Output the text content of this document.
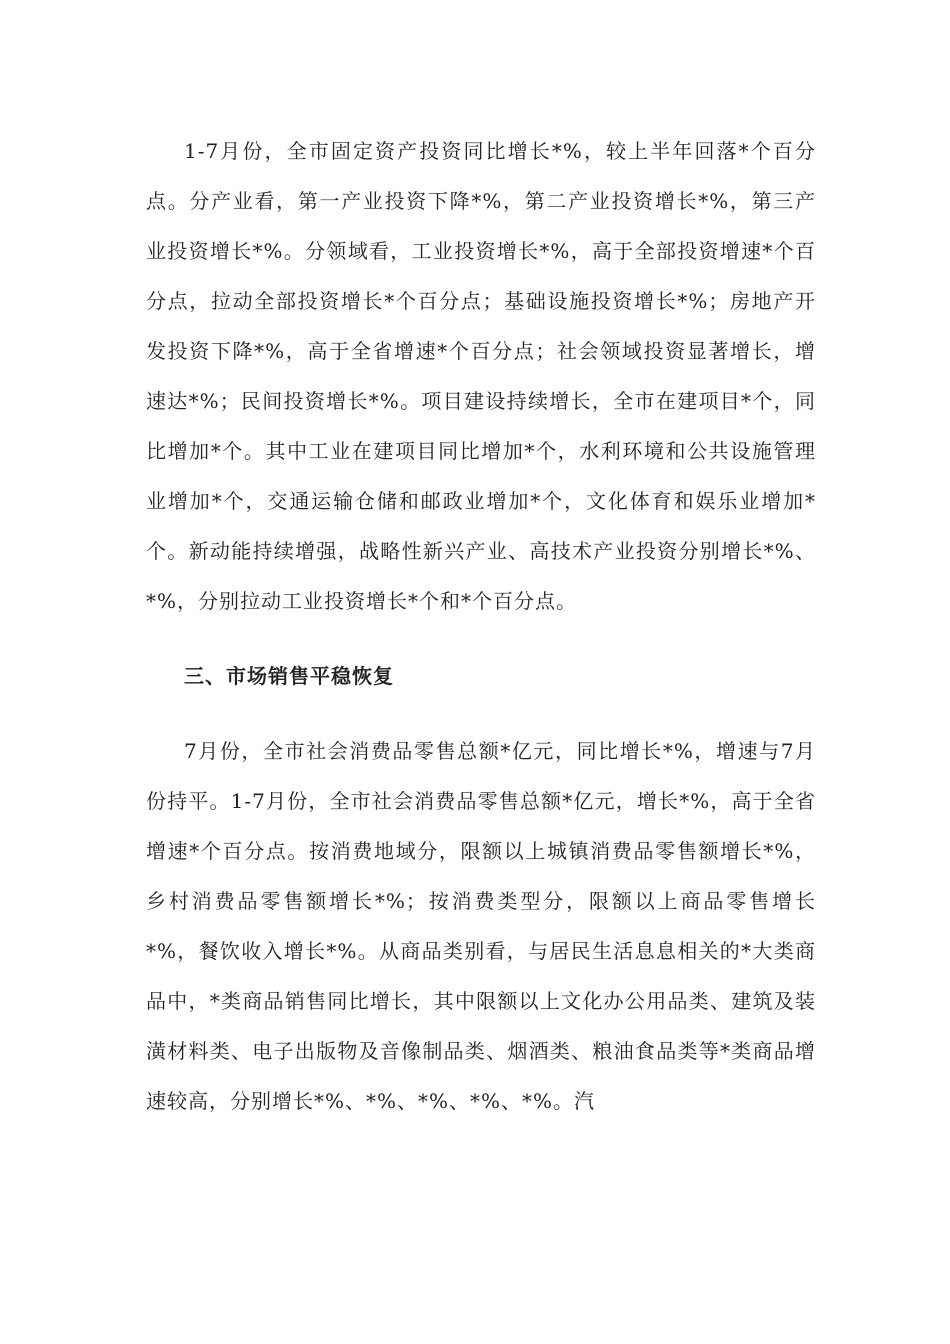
1-7月份，全市固定资产投资同比增长*%，较上半年回落*个百分点。分产业看，第一产业投资下降*%，第二产业投资增长*%，第三产业投资增长*%。分领域看，工业投资增长*%，高于全部投资增速*个百分点，拉动全部投资增长*个百分点；基础设施投资增长*%；房地产开发投资下降*%，高于全省增速*个百分点；社会领域投资显著增长，增速达*%；民间投资增长*%。项目建设持续增长，全市在建项目*个，同比增加*个。其中工业在建项目同比增加*个，水利环境和公共设施管理业增加*个，交通运输仓储和邮政业增加*个，文化体育和娱乐业增加*个。新动能持续增强，战略性新兴产业、高技术产业投资分别增长*%、*%，分别拉动工业投资增长*个和*个百分点。

三、市场销售平稳恢复

7月份，全市社会消费品零售总额*亿元，同比增长*%，增速与7月份持平。1-7月份，全市社会消费品零售总额*亿元，增长*%，高于全省增速*个百分点。按消费地域分，限额以上城镇消费品零售额增长*%，乡村消费品零售额增长*%；按消费类型分，限额以上商品零售增长*%，餐饮收入增长*%。从商品类别看，与居民生活息息相关的*大类商品中，*类商品销售同比增长，其中限额以上文化办公用品类、建筑及装潢材料类、电子出版物及音像制品类、烟酒类、粮油食品类等*类商品增速较高，分别增长*%、*%、*%、*%、*%。汽
